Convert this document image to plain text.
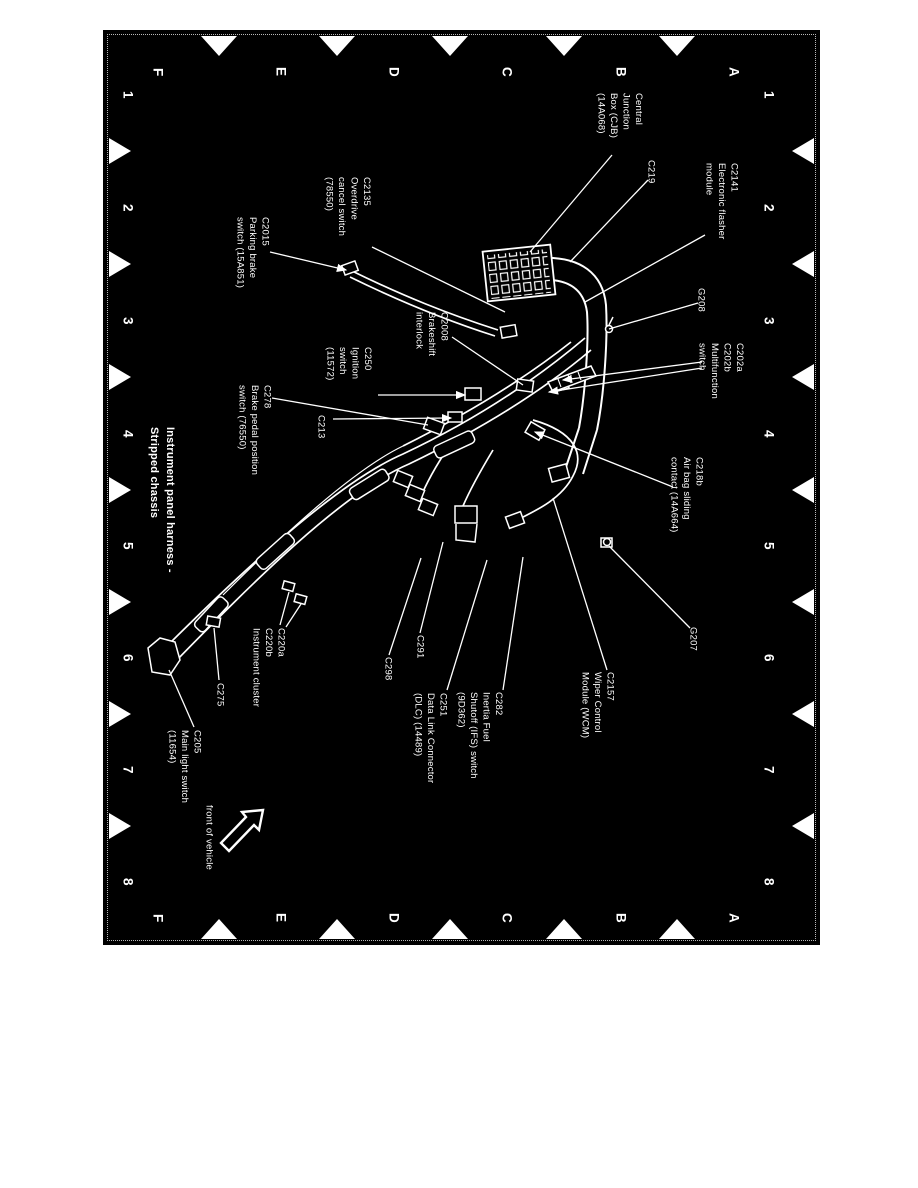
Central
Junction
Box (CJB)
(14A068)
C219	C2141
Electronic flasher
module
G208
C202a
C202b
Multifunction
switch
C2135
Overdrive
cancel switch
(78550)
C2015
Parking brake
switch (15A851)
C2008
Brakeshift
interlock
C250
Ignition
switch
(11572)
C213
C278
Brake pedal position
switch (76550)
C218b
Air bag sliding
contact (14A664)
G207
C2157
Wiper Control
Module (WCM)
C220a
C220b
Instrument cluster
C275
C298
C291
C251
Data Link Connector
(DLC) (14489)	C282
Inertia Fuel
Shutoff (IFS) switch
(9D362)
C205
Main light switch
(11654)
Instrument panel harness -
Stripped chassis
front of vehicle
F
F
E
E
D
D
C
C
B
B
A
A
1	1
2	2
3	3
4	4
5	5
6	6
7	7
8	8
